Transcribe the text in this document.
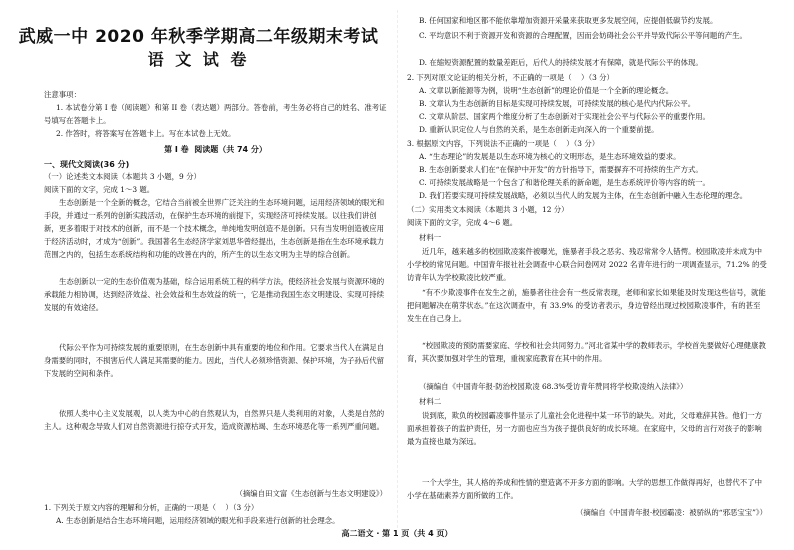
武威一中 2020 年秋季学期高二年级期末考试
语 文 试 卷
注意事项：
1. 本试卷分第 I 卷（阅读题）和第 II 卷（表达题）两部分。答卷前，考生务必将自己的姓名、准考证号填写在答题卡上。
2. 作答时，将答案写在答题卡上。写在本试卷上无效。
第 I 卷  阅读题（共 74 分）
一、现代文阅读(36 分)
（一）论述类文本阅读（本题共 3 小题，9 分）
阅读下面的文字，完成 1～3 题。
生态创新是一个全新的概念，它结合当前被全世界广泛关注的生态环境问题，运用经济领域的眼光和手段，并通过一系列的创新实践活动，在保护生态环境的前提下，实现经济可持续发展。以往我们讲创新，更多着眼于对技术的创新，而不是一个技术概念，单纯地发明创造不是创新。只有当发明创造被应用于经济活动时，才成为“创新”。我国著名生态经济学家刘思华曾经提出，生态创新是指在生态环境承载力范围之内的，包括生态系统结构和功能的改善在内的，所产生的以生态文明为主导的综合创新。
生态创新以一定的生态价值观为基础，综合运用系统工程的科学方法，使经济社会发展与资源环境的承载能力相协调，达到经济效益、社会效益和生态效益的统一，它是推动我国生态文明建设、实现可持续发展的有效途径。
代际公平作为可持续发展的重要原则，在生态创新中具有重要的地位和作用。它要求当代人在满足自身需要的同时，不损害后代人满足其需要的能力。因此，当代人必须珍惜资源、保护环境，为子孙后代留下发展的空间和条件。
依照人类中心主义发展观，以人类为中心的自然观认为，自然界只是人类利用的对象，人类是自然的主人。这种观念导致人们对自然资源进行掠夺式开发，造成资源枯竭、生态环境恶化等一系列严重问题。
（摘编自田文富《生态创新与生态文明建设》）
1. 下列关于原文内容的理解和分析，正确的一项是（    ）（3 分）
A. 生态创新是结合生态环境问题，运用经济领域的眼光和手段来进行创新的社会理念。
B. 任何国家和地区都不能依靠增加资源开采量来获取更多发展空间，应提倡低碳节约发展。
C. 平均意识不利于资源开发和资源的合理配置，因而会妨碍社会公平并导致代际公平等问题的产生。
D. 在缩短资源配置的数量差距后，后代人的持续发展才有保障，就是代际公平的体现。
2. 下列对原文论证的相关分析，不正确的一项是（    ）（3 分）
A. 文章以新能源等为例，说明“生态创新”的理论价值是一个全新的理论概念。
B. 文章认为生态创新的目标是实现可持续发展，可持续发展的核心是代内代际公平。
C. 文章从阶层、国家两个维度分析了生态创新对于实现社会公平与代际公平的重要作用。
D. 重新认识定位人与自然的关系，是生态创新走向深入的一个重要前提。
3. 根据原文内容，下列说法不正确的一项是（    ）（3 分）
A. “生态理论”的发展是以生态环境为核心的文明形态，是生态环境效益的要求。
B. 生态创新要求人们在“在保护中开发”的方针指导下，需要摒弃不可持续的生产方式。
C. 可持续发展战略是一个包含了和谐伦理关系的新命题，是生态系统评价等内容的统一。
D. 我们若要实现可持续发展战略，必须以当代人的发展为主体，在生态创新中融入生态伦理的理念。
（二）实用类文本阅读（本题共 3 小题，12 分）
阅读下面的文字，完成 4～6 题。
材料一
近几年，越来越多的校园欺凌案件被曝光，施暴者手段之恶劣、残忍常常令人错愕。校园欺凌并未成为中小学校的常见问题。中国青年报社社会调查中心联合问卷网对 2022 名青年进行的一项调查显示，71.2% 的受访青年认为学校欺凌比较严重。
“有不少欺凌事件在发生之前，施暴者往往会有一些反常表现，老师和家长如果能及时发现这些信号，就能把问题解决在萌芽状态。”在这次调查中，有 33.9% 的受访者表示，身边曾经出现过校园欺凌事件，有的甚至发生在自己身上。
“校园欺凌的预防需要家庭、学校和社会共同努力。”河北省某中学的教师表示，学校首先要做好心理健康教育，其次要加强对学生的管理，重视家庭教育在其中的作用。
（摘编自《中国青年报·防治校园欺凌 68.3%受访青年赞同将学校欺凌纳入法律》）
材料二
说到底，欺负的校园霸凌事件显示了儿童社会化进程中某一环节的缺失。对此，父母难辞其咎。他们一方面承担着孩子的监护责任，另一方面也应当为孩子提供良好的成长环境。在家庭中，父母的言行对孩子的影响最为直接也最为深远。
一个大学生，其人格的养成和性情的塑造离不开多方面的影响。大学的思想工作做得再好，也替代不了中小学在基础素养方面所做的工作。
（摘编自《中国青年报·校园霸凌：被骄纵的“邪恶宝宝”》）
高二语文 · 第 1 页（共 4 页）
